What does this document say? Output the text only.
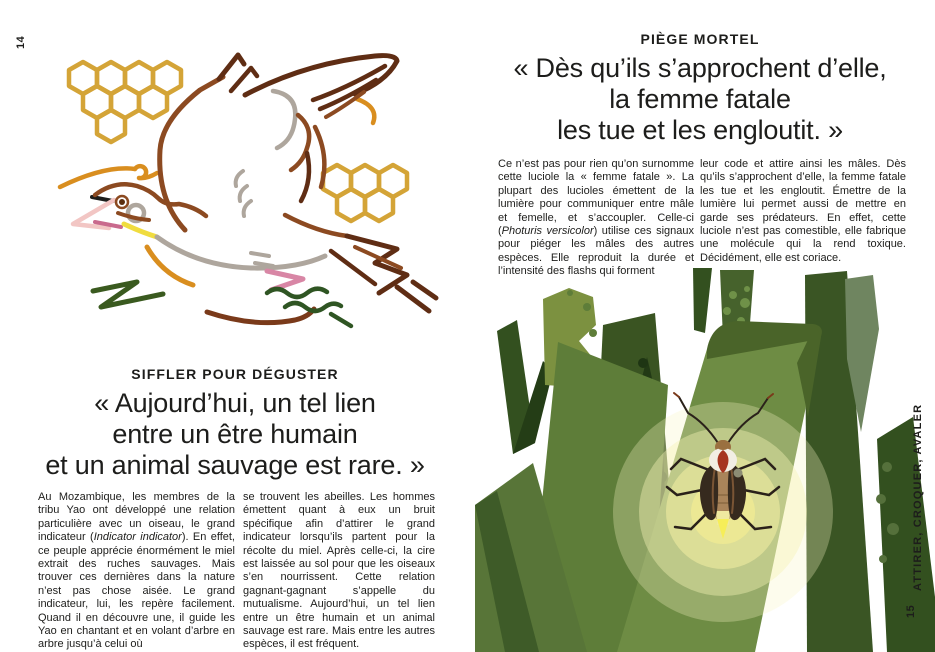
14
SIFFLER POUR DÉGUSTER
« Aujourd’hui, un tel lien
entre un être humain
et un animal sauvage est rare. »
Au Mozambique, les membres de la tribu Yao ont développé une relation particulière avec un oiseau, le grand indicateur (Indicator indicator). En effet, ce peuple apprécie énormément le miel extrait des ruches sauvages. Mais trouver ces dernières dans la nature n’est pas chose aisée. Le grand indicateur, lui, les repère facilement. Quand il en découvre une, il guide les Yao en chantant et en volant d’arbre en arbre jusqu’à celui où
se trouvent les abeilles. Les hommes émettent quant à eux un bruit spécifique afin d’attirer le grand indicateur lorsqu’ils partent pour la récolte du miel. Après celle-ci, la cire est laissée au sol pour que les oiseaux s’en nourrissent. Cette relation gagnant-gagnant s’appelle du mutualisme. Aujourd’hui, un tel lien entre un être humain et un animal sauvage est rare. Mais entre les autres espèces, il est fréquent.
PIÈGE MORTEL
« Dès qu’ils s’approchent d’elle,
la femme fatale
les tue et les engloutit. »
Ce n’est pas pour rien qu’on surnomme cette luciole la « femme fatale ». La plupart des lucioles émettent de la lumière pour communiquer entre mâle et femelle, et s’accoupler. Celle-ci (Photuris versicolor) utilise ces signaux pour piéger les mâles des autres espèces. Elle reproduit la durée et l’intensité des flashs qui forment
leur code et attire ainsi les mâles. Dès qu’ils s’approchent d’elle, la femme fatale les tue et les engloutit. Émettre de la lumière lui permet aussi de mettre en garde ses prédateurs. En effet, cette luciole n’est pas comestible, elle fabrique une molécule qui la rend toxique. Décidément, elle est coriace.
ATTIRER, CROQUER, AVALER
15
